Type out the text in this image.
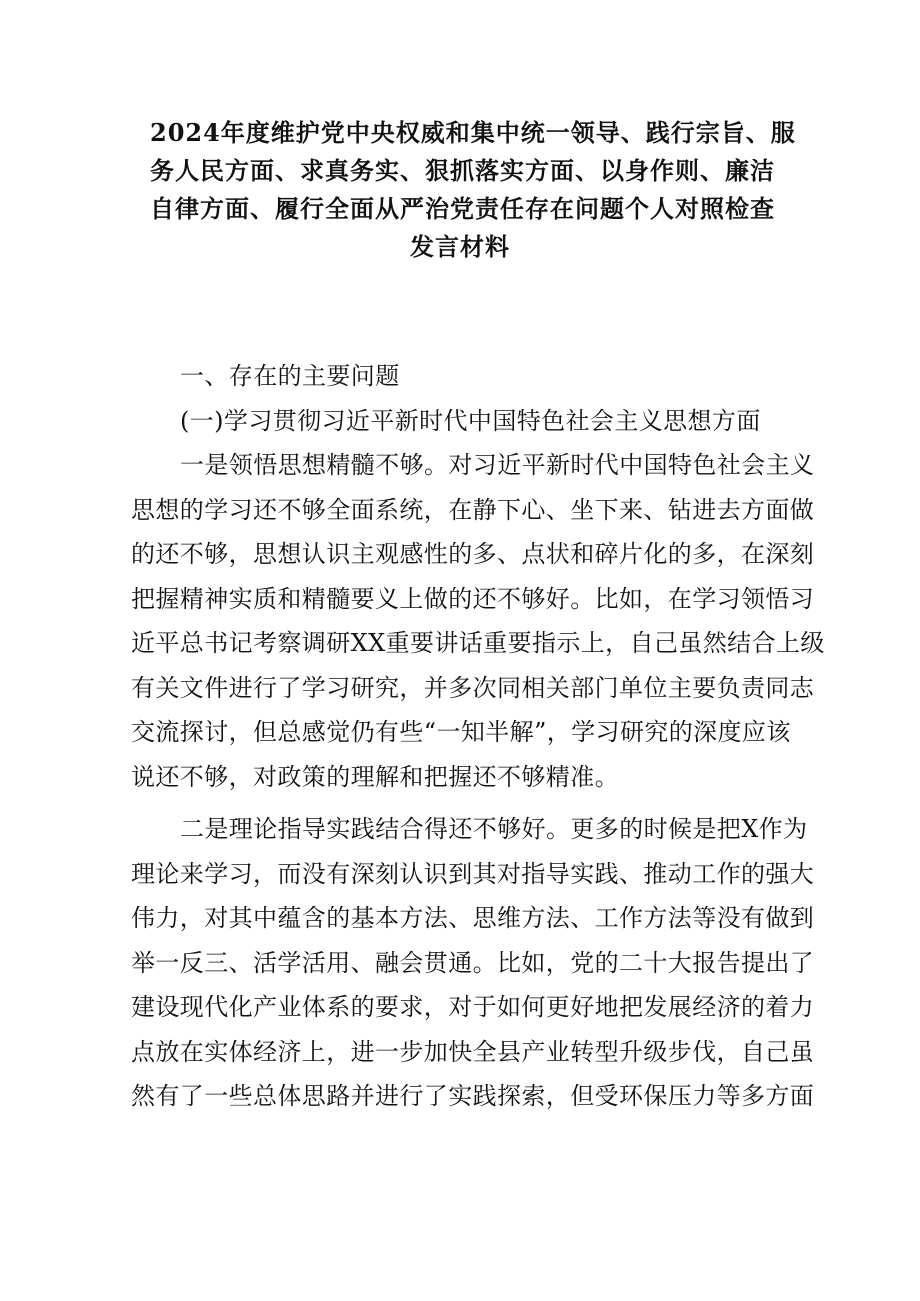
2024年度维护党中央权威和集中统一领导、践行宗旨、服
务人民方面、求真务实、狠抓落实方面、以身作则、廉洁
自律方面、履行全面从严治党责任存在问题个人对照检查
发言材料
一、存在的主要问题
(一)学习贯彻习近平新时代中国特色社会主义思想方面
一是领悟思想精髓不够。对习近平新时代中国特色社会主义
思想的学习还不够全面系统，在静下心、坐下来、钻进去方面做
的还不够，思想认识主观感性的多、点状和碎片化的多，在深刻
把握精神实质和精髓要义上做的还不够好。比如，在学习领悟习
近平总书记考察调研XX重要讲话重要指示上，自己虽然结合上级
有关文件进行了学习研究，并多次同相关部门单位主要负责同志
交流探讨，但总感觉仍有些“一知半解”，学习研究的深度应该
说还不够，对政策的理解和把握还不够精准。
二是理论指导实践结合得还不够好。更多的时候是把X作为
理论来学习，而没有深刻认识到其对指导实践、推动工作的强大
伟力，对其中蕴含的基本方法、思维方法、工作方法等没有做到
举一反三、活学活用、融会贯通。比如，党的二十大报告提出了
建设现代化产业体系的要求，对于如何更好地把发展经济的着力
点放在实体经济上，进一步加快全县产业转型升级步伐，自己虽
然有了一些总体思路并进行了实践探索，但受环保压力等多方面
